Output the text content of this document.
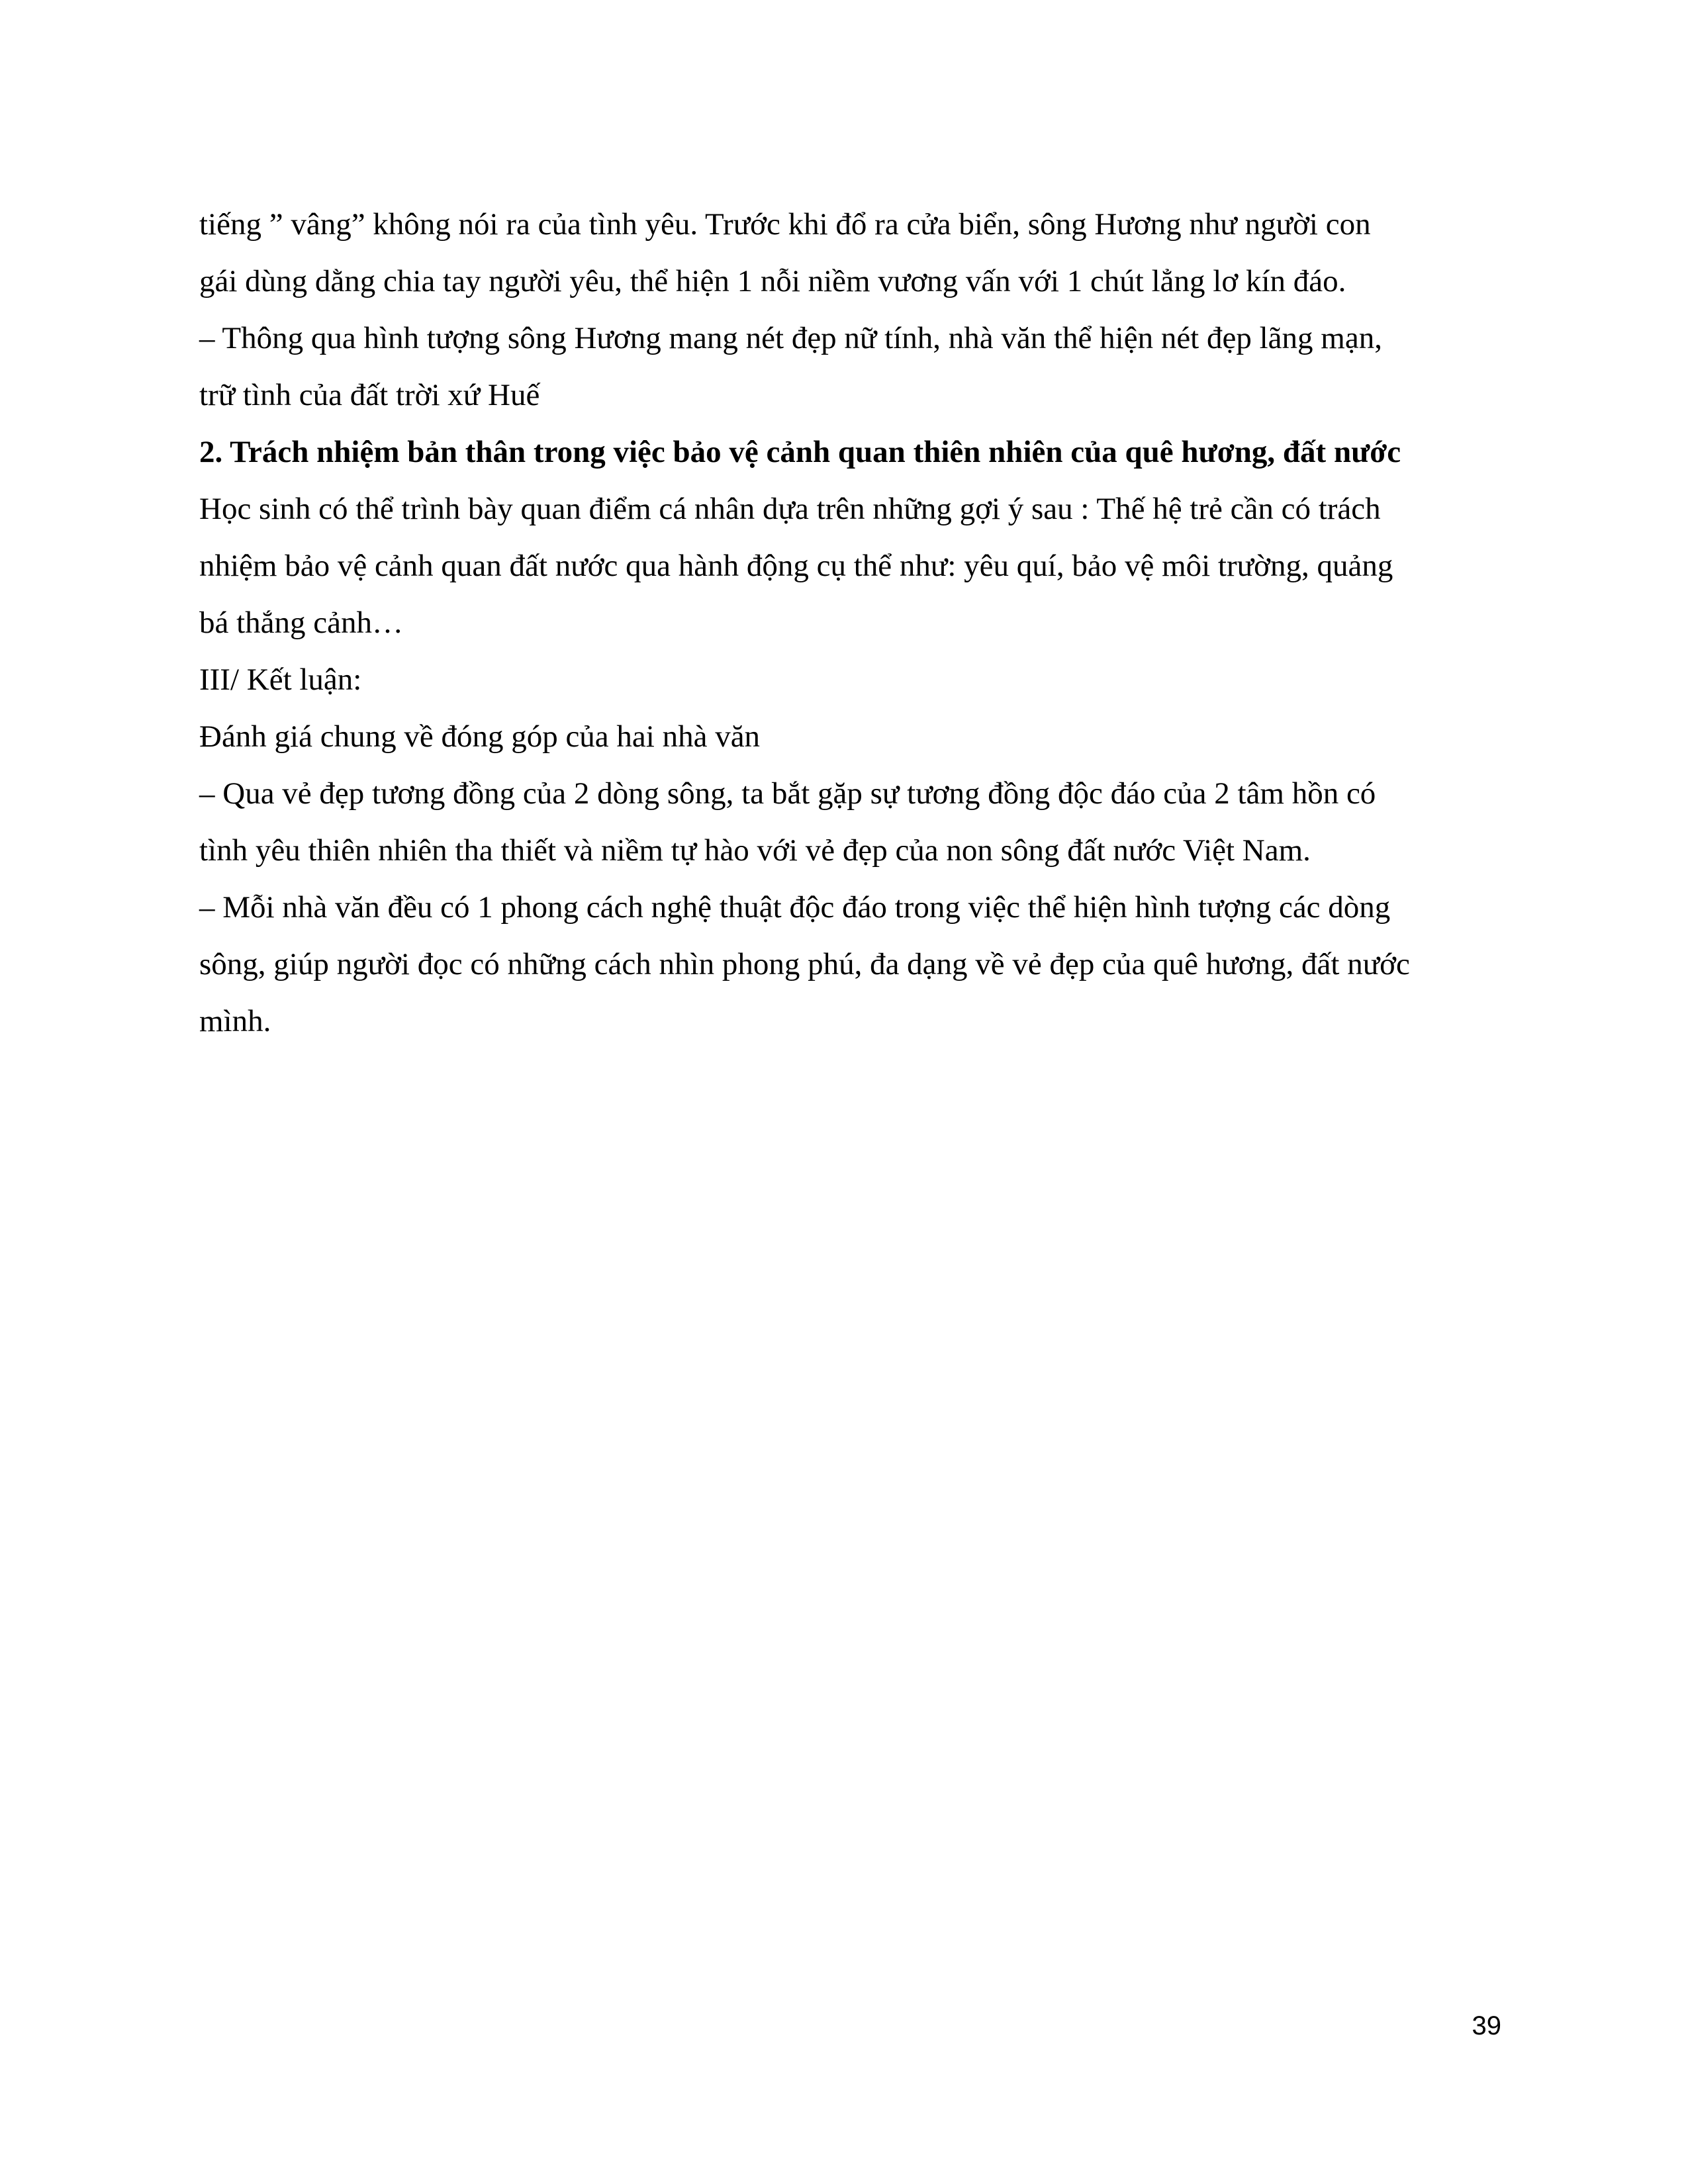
tiếng ” vâng” không nói ra của tình yêu. Trước khi đổ ra cửa biển, sông Hương như người con

gái dùng dằng chia tay người yêu, thể hiện 1 nỗi niềm vương vấn với 1 chút lẳng lơ kín đáo.

– Thông qua hình tượng sông Hương mang nét đẹp nữ tính, nhà văn thể hiện nét đẹp lãng mạn,

trữ tình của đất trời xứ Huế

2. Trách nhiệm bản thân trong việc bảo vệ cảnh quan thiên nhiên của quê hương, đất nước

Học sinh có thể trình bày quan điểm cá nhân dựa trên những gợi ý sau : Thế hệ trẻ cần có trách

nhiệm bảo vệ cảnh quan đất nước qua hành động cụ thể như: yêu quí, bảo vệ môi trường, quảng

bá thắng cảnh…

III/ Kết luận:

Đánh giá chung về đóng góp của hai nhà văn

– Qua vẻ đẹp tương đồng của 2 dòng sông, ta bắt gặp sự tương đồng độc đáo của 2 tâm hồn có

tình yêu thiên nhiên tha thiết và niềm tự hào với vẻ đẹp của non sông đất nước Việt Nam.

– Mỗi nhà văn đều có 1 phong cách nghệ thuật độc đáo trong việc thể hiện hình tượng các dòng

sông, giúp người đọc có những cách nhìn phong phú, đa dạng về vẻ đẹp của quê hương, đất nước

mình.

39
